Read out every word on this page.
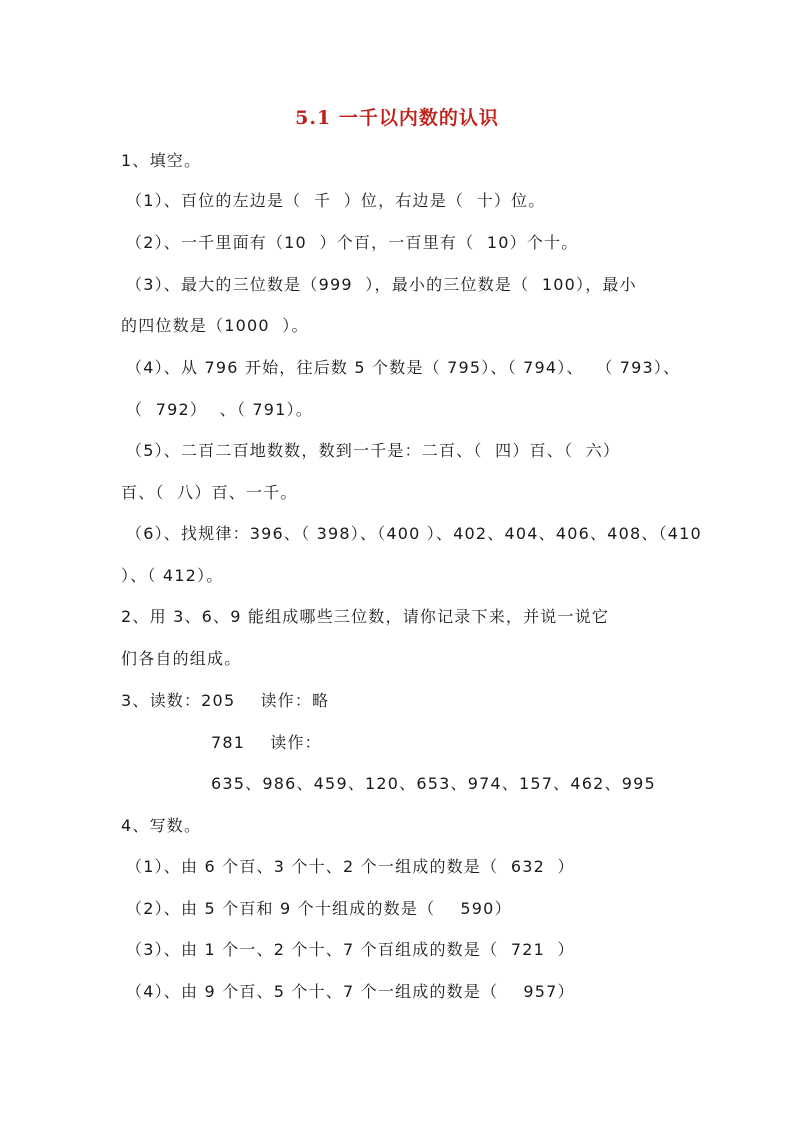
5.1 一千以内数的认识
1、填空。
（1）、百位的左边是（  千  ）位，右边是（  十）位。
（2）、一千里面有（10  ）个百，一百里有（  10）个十。
（3）、最大的三位数是（999  ），最小的三位数是（  100），最小
的四位数是（1000  ）。
（4）、从 796 开始，往后数 5 个数是（ 795）、（ 794）、  （ 793）、
（  792）  、（ 791）。
（5）、二百二百地数数，数到一千是：二百、（  四）百、（  六）
百、（  八）百、一千。
（6）、找规律：396、（ 398）、（400 ）、402、404、406、408、（410
）、（ 412）。
2、用 3、6、9 能组成哪些三位数，请你记录下来，并说一说它
们各自的组成。
3、读数：205    读作：略
781    读作：
635、986、459、120、653、974、157、462、995
4、写数。
（1）、由 6 个百、3 个十、2 个一组成的数是（  632  ）
（2）、由 5 个百和 9 个十组成的数是（    590）
（3）、由 1 个一、2 个十、7 个百组成的数是（  721  ）
（4）、由 9 个百、5 个十、7 个一组成的数是（    957）
